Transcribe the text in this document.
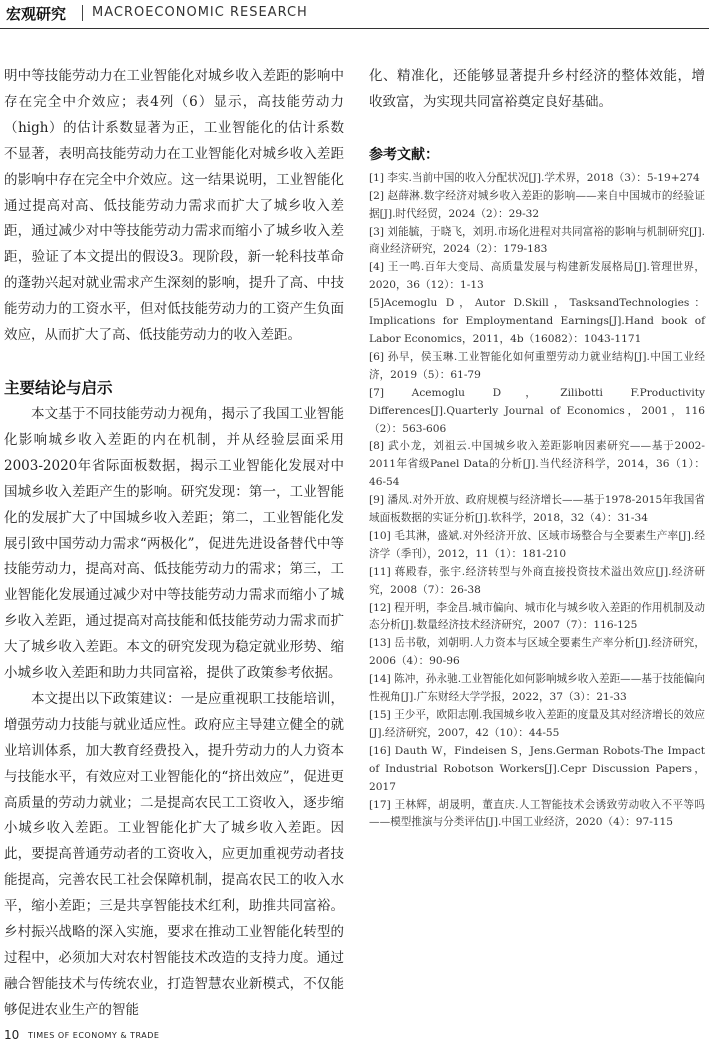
宏观研究 MACROECONOMIC RESEARCH

明中等技能劳动力在工业智能化对城乡收入差距的影响中存在完全中介效应；表4列（6）显示，高技能劳动力（high）的估计系数显著为正，工业智能化的估计系数不显著，表明高技能劳动力在工业智能化对城乡收入差距的影响中存在完全中介效应。这一结果说明，工业智能化通过提高对高、低技能劳动力需求而扩大了城乡收入差距，通过减少对中等技能劳动力需求而缩小了城乡收入差距，验证了本文提出的假设3。现阶段，新一轮科技革命的蓬勃兴起对就业需求产生深刻的影响，提升了高、中技能劳动力的工资水平，但对低技能劳动力的工资产生负面效应，从而扩大了高、低技能劳动力的收入差距。

主要结论与启示

本文基于不同技能劳动力视角，揭示了我国工业智能化影响城乡收入差距的内在机制，并从经验层面采用2003-2020年省际面板数据，揭示工业智能化发展对中国城乡收入差距产生的影响。研究发现：第一，工业智能化的发展扩大了中国城乡收入差距；第二，工业智能化发展引致中国劳动力需求“两极化”，促进先进设备替代中等技能劳动力，提高对高、低技能劳动力的需求；第三，工业智能化发展通过减少对中等技能劳动力需求而缩小了城乡收入差距，通过提高对高技能和低技能劳动力需求而扩大了城乡收入差距。本文的研究发现为稳定就业形势、缩小城乡收入差距和助力共同富裕，提供了政策参考依据。

本文提出以下政策建议：一是应重视职工技能培训，增强劳动力技能与就业适应性。政府应主导建立健全的就业培训体系，加大教育经费投入，提升劳动力的人力资本与技能水平，有效应对工业智能化的“挤出效应”，促进更高质量的劳动力就业；二是提高农民工工资收入，逐步缩小城乡收入差距。工业智能化扩大了城乡收入差距。因此，要提高普通劳动者的工资收入，应更加重视劳动者技能提高，完善农民工社会保障机制，提高农民工的收入水平，缩小差距；三是共享智能技术红利，助推共同富裕。乡村振兴战略的深入实施，要求在推动工业智能化转型的过程中，必须加大对农村智能技术改造的支持力度。通过融合智能技术与传统农业，打造智慧农业新模式，不仅能够促进农业生产的智能

化、精准化，还能够显著提升乡村经济的整体效能，增收致富，为实现共同富裕奠定良好基础。

参考文献：

[1] 李实.当前中国的收入分配状况[J].学术界，2018（3）：5-19+274

[2] 赵薛淋.数字经济对城乡收入差距的影响——来自中国城市的经验证据[J].时代经贸，2024（2）：29-32

[3] 刘能毓，于晓飞，刘玥.市场化进程对共同富裕的影响与机制研究[J].商业经济研究，2024（2）：179-183

[4] 王一鸣.百年大变局、高质量发展与构建新发展格局[J].管理世界，2020，36（12）：1-13

[5]Acemoglu D，Autor D.Skill，TasksandTechnologies：Implications for Employmentand Earnings[J].Hand book of Labor Economics，2011，4b（16082）：1043-1171

[6] 孙早，侯玉琳.工业智能化如何重塑劳动力就业结构[J].中国工业经济，2019（5）：61-79

[7] Acemoglu D，Zilibotti F.Productivity Differences[J].Quarterly Journal of Economics，2001，116（2）：563-606

[8] 武小龙，刘祖云.中国城乡收入差距影响因素研究——基于2002-2011年省级Panel Data的分析[J].当代经济科学，2014，36（1）：46-54

[9] 潘凤.对外开放、政府规模与经济增长——基于1978-2015年我国省域面板数据的实证分析[J].软科学，2018，32（4）：31-34

[10] 毛其淋，盛斌.对外经济开放、区域市场整合与全要素生产率[J].经济学（季刊），2012，11（1）：181-210

[11] 蒋殿春，张宇.经济转型与外商直接投资技术溢出效应[J].经济研究，2008（7）：26-38

[12] 程开明，李金昌.城市偏向、城市化与城乡收入差距的作用机制及动态分析[J].数量经济技术经济研究，2007（7）：116-125

[13] 岳书敬，刘朝明.人力资本与区域全要素生产率分析[J].经济研究，2006（4）：90-96

[14] 陈冲，孙永驰.工业智能化如何影响城乡收入差距——基于技能偏向性视角[J].广东财经大学学报，2022，37（3）：21-33

[15] 王少平，欧阳志刚.我国城乡收入差距的度量及其对经济增长的效应[J].经济研究，2007，42（10）：44-55

[16] Dauth W，Findeisen S，Jens.German Robots-The Impact of Industrial Robotson Workers[J].Cepr Discussion Papers，2017

[17] 王林辉，胡晟明，董直庆.人工智能技术会诱致劳动收入不平等吗——模型推演与分类评估[J].中国工业经济，2020（4）：97-115

10 TIMES OF ECONOMY & TRADE
